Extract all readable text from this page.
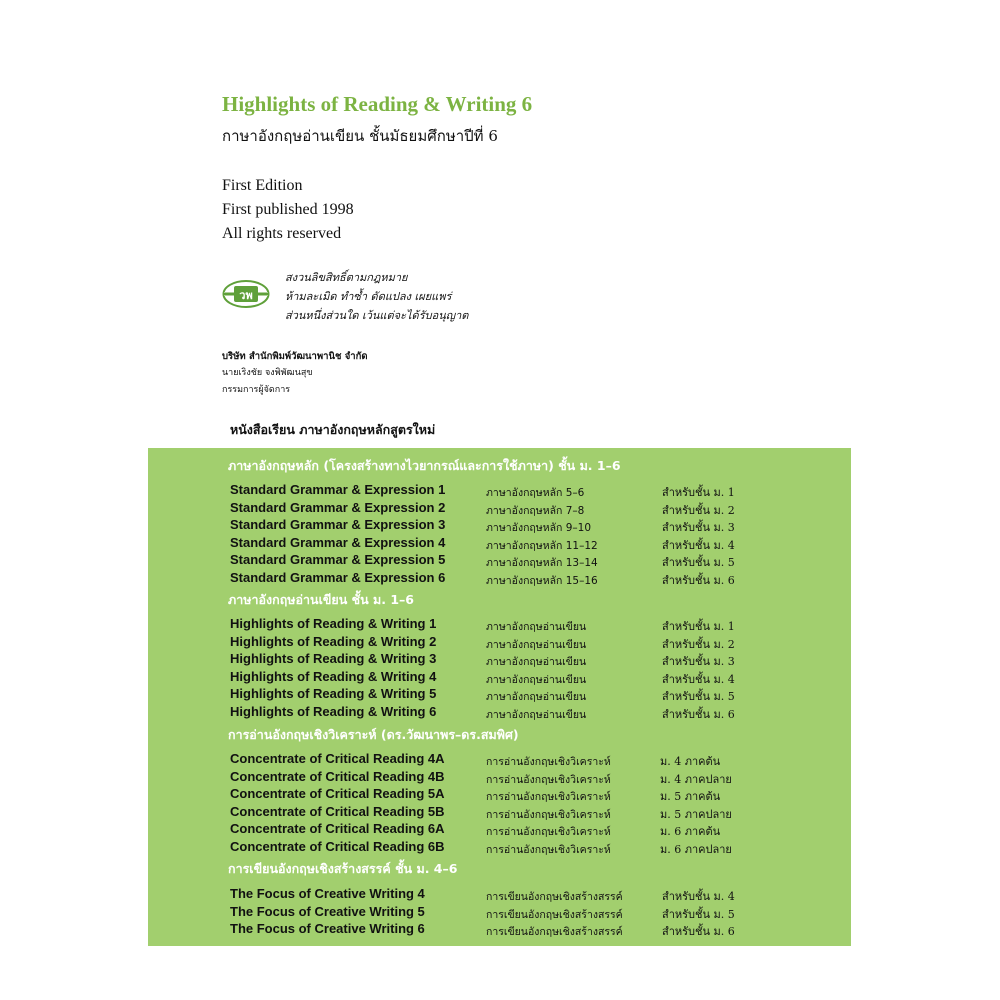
Highlights of Reading & Writing 6
กาษาอังกฤษอ่านเขียน ชั้นมัธยมศึกษาปีที่ 6
First Edition
First published 1998
All rights reserved
วพ
สงวนลิขสิทธิ์ตามกฎหมาย
ห้ามละเมิด ทำซ้ำ ดัดแปลง เผยแพร่
ส่วนหนึ่งส่วนใด เว้นแต่จะได้รับอนุญาต
บริษัท สำนักพิมพ์วัฒนาพานิช จำกัด
นายเริงชัย จงพิพัฒนสุข
กรรมการผู้จัดการ
หนังสือเรียน ภาษาอังกฤษหลักสูตรใหม่
ภาษาอังกฤษหลัก (โครงสร้างทางไวยากรณ์และการใช้ภาษา) ชั้น ม. 1–6
Standard Grammar & Expression 1	ภาษาอังกฤษหลัก 5–6	สำหรับชั้น ม. 1
Standard Grammar & Expression 2	ภาษาอังกฤษหลัก 7–8	สำหรับชั้น ม. 2
Standard Grammar & Expression 3	ภาษาอังกฤษหลัก 9–10	สำหรับชั้น ม. 3
Standard Grammar & Expression 4	ภาษาอังกฤษหลัก 11–12	สำหรับชั้น ม. 4
Standard Grammar & Expression 5	ภาษาอังกฤษหลัก 13–14	สำหรับชั้น ม. 5
Standard Grammar & Expression 6	ภาษาอังกฤษหลัก 15–16	สำหรับชั้น ม. 6
ภาษาอังกฤษอ่านเขียน ชั้น ม. 1–6
Highlights of Reading & Writing 1	ภาษาอังกฤษอ่านเขียน	สำหรับชั้น ม. 1
Highlights of Reading & Writing 2	ภาษาอังกฤษอ่านเขียน	สำหรับชั้น ม. 2
Highlights of Reading & Writing 3	ภาษาอังกฤษอ่านเขียน	สำหรับชั้น ม. 3
Highlights of Reading & Writing 4	ภาษาอังกฤษอ่านเขียน	สำหรับชั้น ม. 4
Highlights of Reading & Writing 5	ภาษาอังกฤษอ่านเขียน	สำหรับชั้น ม. 5
Highlights of Reading & Writing 6	ภาษาอังกฤษอ่านเขียน	สำหรับชั้น ม. 6
การอ่านอังกฤษเชิงวิเคราะห์ (ดร.วัฒนาพร–ดร.สมพิศ)
Concentrate of Critical Reading 4A	การอ่านอังกฤษเชิงวิเคราะห์	ม. 4 ภาคต้น
Concentrate of Critical Reading 4B	การอ่านอังกฤษเชิงวิเคราะห์	ม. 4 ภาคปลาย
Concentrate of Critical Reading 5A	การอ่านอังกฤษเชิงวิเคราะห์	ม. 5 ภาคต้น
Concentrate of Critical Reading 5B	การอ่านอังกฤษเชิงวิเคราะห์	ม. 5 ภาคปลาย
Concentrate of Critical Reading 6A	การอ่านอังกฤษเชิงวิเคราะห์	ม. 6 ภาคต้น
Concentrate of Critical Reading 6B	การอ่านอังกฤษเชิงวิเคราะห์	ม. 6 ภาคปลาย
การเขียนอังกฤษเชิงสร้างสรรค์ ชั้น ม. 4–6
The Focus of Creative Writing 4	การเขียนอังกฤษเชิงสร้างสรรค์	สำหรับชั้น ม. 4
The Focus of Creative Writing 5	การเขียนอังกฤษเชิงสร้างสรรค์	สำหรับชั้น ม. 5
The Focus of Creative Writing 6	การเขียนอังกฤษเชิงสร้างสรรค์	สำหรับชั้น ม. 6
